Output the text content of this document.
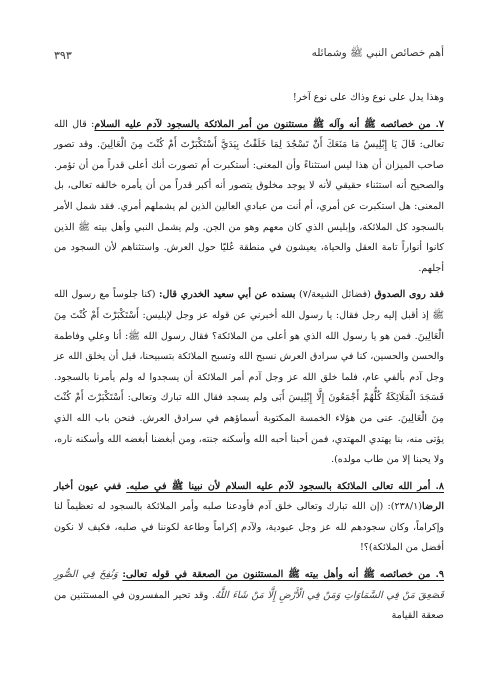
أهم خصائص النبي ﷺ وشمائله
٣٩٣

وهذا يدل على نوع وذاك على نوع آخر!

٧. من خصائصه ﷺ أنه وآله ﷺ مستثنون من أمر الملائكة بالسجود لآدم عليه السلام: قال الله تعالى: قَالَ يَا إِبْلِيسُ مَا مَنَعَكَ أَنْ تَسْجُدَ لِمَا خَلَقْتُ بِيَدَيَّ أَسْتَكْبَرْتَ أَمْ كُنْتَ مِنَ الْعَالِينَ. وقد تصور صاحب الميزان أن هذا ليس استثناءً وأن المعنى: أستكبرت أم تصورت أنك أعلى قدراً من أن تؤمر. والصحيح أنه استثناء حقيقي لأنه لا يوجد مخلوق يتصور أنه أكبر قدراً من أن يأمره خالقه تعالى، بل المعنى: هل استكبرت عن أمري، أم أنت من عبادي العالين الذين لم يشملهم أمري. فقد شمل الأمر بالسجود كل الملائكة، وإبليس الذي كان معهم وهو من الجن. ولم يشمل النبي وأهل بيته ﷺ الذين كانوا أنواراً تامة العقل والحياة، يعيشون في منطقة عُليّا حول العرش. واستثناهم لأن السجود من أجلهم.

فقد روى الصدوق (فضائل الشيعة/٧) بسنده عن أبي سعيد الخدري قال: (كنا جلوساً مع رسول الله ﷺ إذ أقبل إليه رجل فقال: يا رسول الله أخبرني عن قوله عز وجل لإبليس: أَسْتَكْبَرْتَ أَمْ كُنْتَ مِنَ الْعَالِينَ. فمن هو يا رسول الله الذي هو أعلى من الملائكة؟ فقال رسول الله ﷺ: أنا وعلي وفاطمة والحسن والحسين، كنا في سرادق العرش نسبح الله وتسبح الملائكة بتسبيحنا، قبل أن يخلق الله عز وجل آدم بألفي عام، فلما خلق الله عز وجل آدم أمر الملائكة أن يسجدوا له ولم يأمرنا بالسجود. فَسَجَدَ الْمَلَائِكَةُ كُلُّهُمْ أَجْمَعُونَ إِلَّا إِبْلِيسَ أَبَى ولم يسجد فقال الله تبارك وتعالى: أَسْتَكْبَرْتَ أَمْ كُنْتَ مِنَ الْعَالِينَ. عنى من هؤلاء الخمسة المكتوبة أسماؤهم في سرادق العرش. فنحن باب الله الذي يؤتى منه، بنا يهتدي المهتدي، فمن أحبنا أحبه الله وأسكنه جنته، ومن أبغضنا أبغضه الله وأسكنه ناره، ولا يحبنا إلا من طاب مولده).

٨. أمر الله تعالى الملائكة بالسجود لآدم عليه السلام لأن نبينا ﷺ في صلبه. ففي عيون أخبار الرضا(٢٣٨/١): (إن الله تبارك وتعالى خلق آدم فأودعنا صلبه وأمر الملائكة بالسجود له تعظيماً لنا وإكراماً، وكان سجودهم لله عز وجل عبودية، ولآدم إكراماً وطاعة لكوننا في صلبه، فكيف لا نكون أفضل من الملائكة)؟!

٩. من خصائصه ﷺ أنه وأهل بيته ﷺ المستثنون من الصعقة في قوله تعالى: وَنُفِخَ فِي الصُّورِ فَصَعِقَ مَنْ فِي السَّمَاوَاتِ وَمَنْ فِي الْأَرْضِ إِلَّا مَنْ شَاءَ اللَّهُ. وقد تحير المفسرون في المستثنين من صعقة القيامة
